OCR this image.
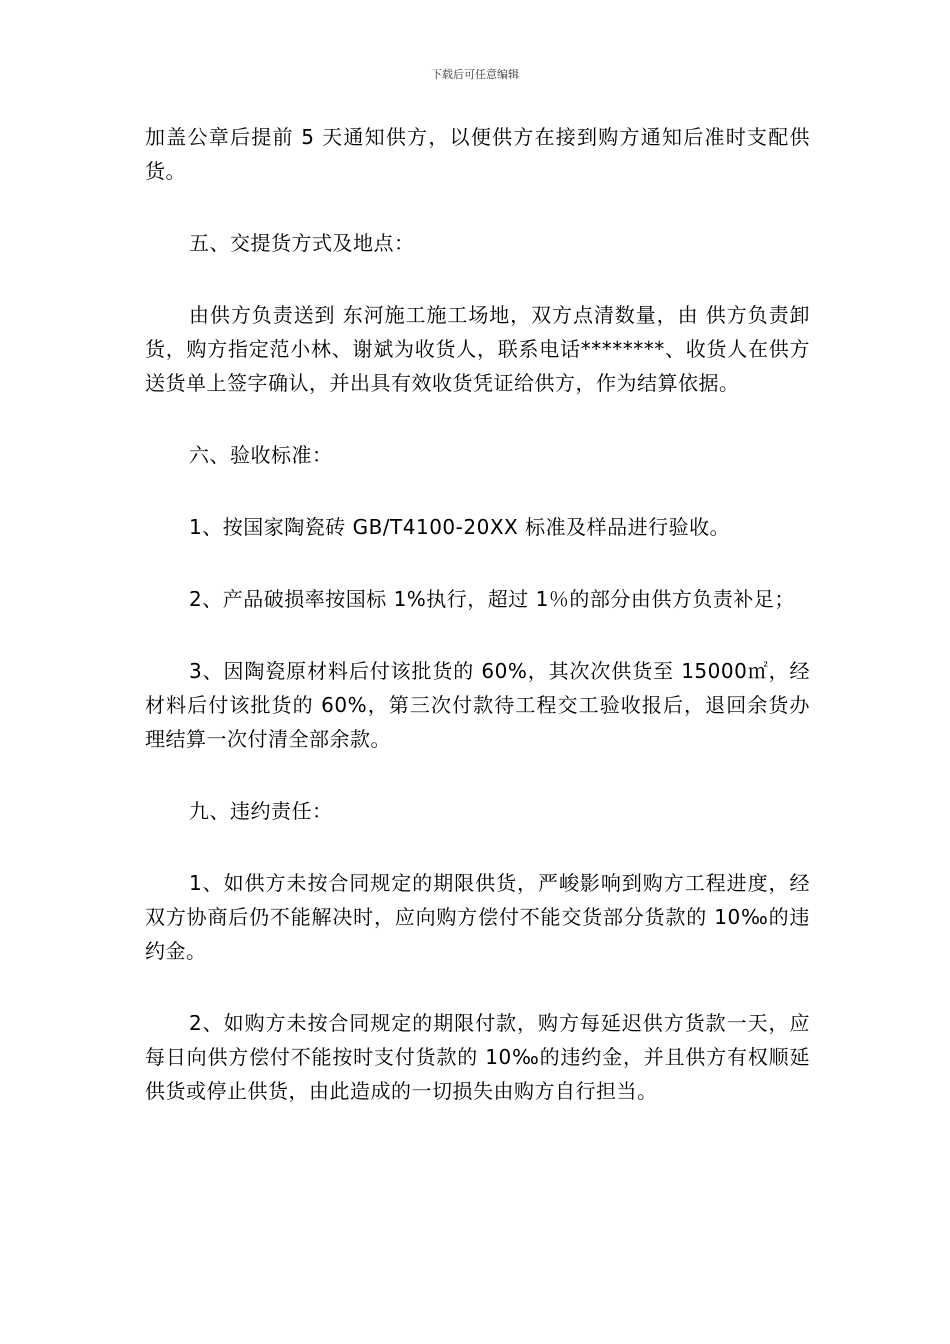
下载后可任意编辑

加盖公章后提前 5 天通知供方，以便供方在接到购方通知后准时支配供货。

五、交提货方式及地点：

由供方负责送到 东河施工施工场地，双方点清数量，由 供方负责卸货，购方指定范小林、谢斌为收货人，联系电话********、收货人在供方送货单上签字确认，并出具有效收货凭证给供方，作为结算依据。

六、验收标准：

1、按国家陶瓷砖 GB/T4100-20XX 标准及样品进行验收。

2、产品破损率按国标 1%执行，超过 1％的部分由供方负责补足；

3、因陶瓷原材料后付该批货的 60%，其次次供货至 15000㎡，经材料后付该批货的 60%，第三次付款待工程交工验收报后，退回余货办理结算一次付清全部余款。

九、违约责任：

1、如供方未按合同规定的期限供货，严峻影响到购方工程进度，经双方协商后仍不能解决时，应向购方偿付不能交货部分货款的 10‰的违约金。

2、如购方未按合同规定的期限付款，购方每延迟供方货款一天，应每日向供方偿付不能按时支付货款的 10‰的违约金，并且供方有权顺延供货或停止供货，由此造成的一切损失由购方自行担当。
